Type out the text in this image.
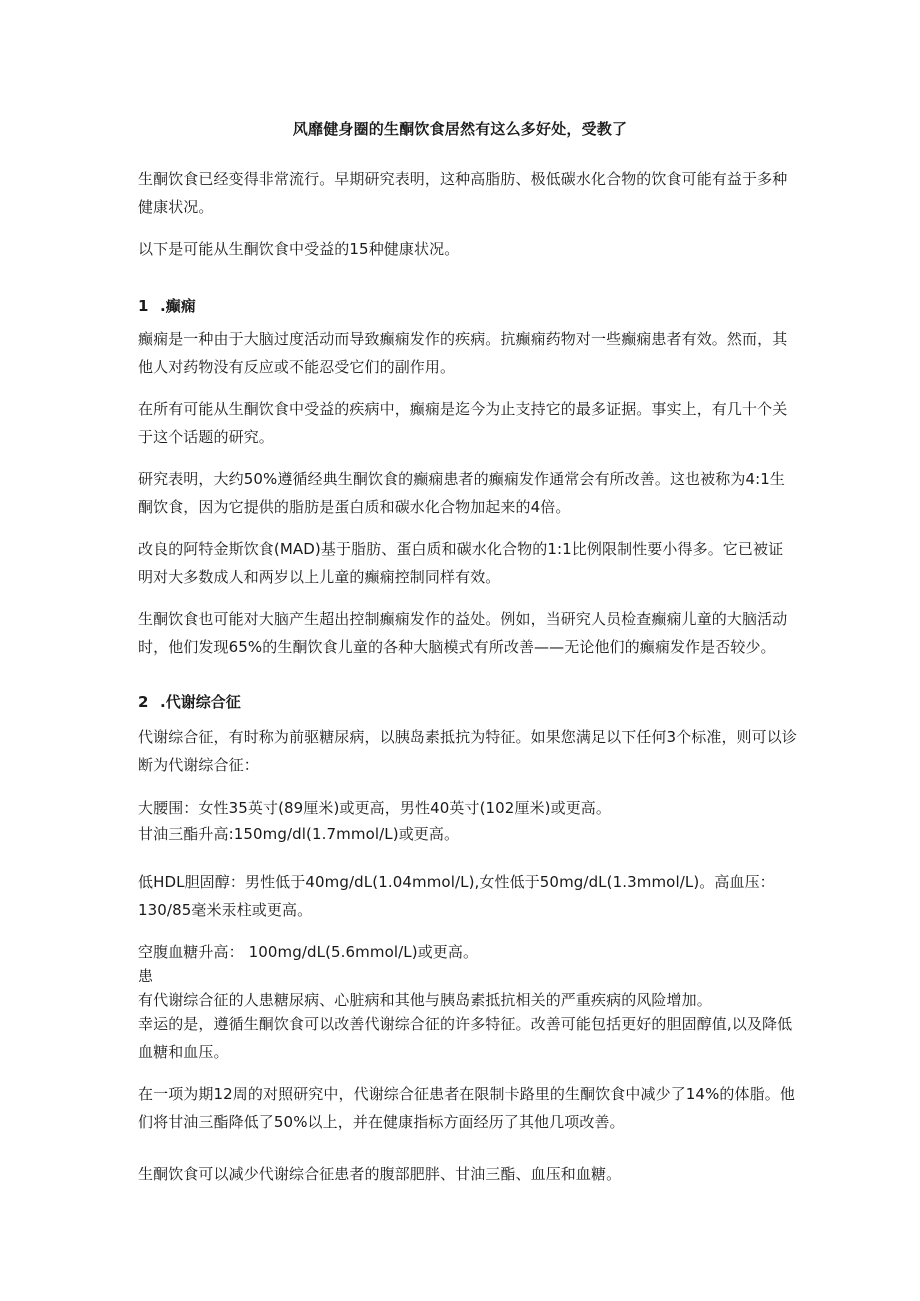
风靡健身圈的生酮饮食居然有这么多好处，受教了
生酮饮食已经变得非常流行。早期研究表明，这种高脂肪、极低碳水化合物的饮食可能有益于多种健康状况。
以下是可能从生酮饮食中受益的15种健康状况。
1 .癫痫
癫痫是一种由于大脑过度活动而导致癫痫发作的疾病。抗癫痫药物对一些癫痫患者有效。然而，其他人对药物没有反应或不能忍受它们的副作用。
在所有可能从生酮饮食中受益的疾病中，癫痫是迄今为止支持它的最多证据。事实上，有几十个关于这个话题的研究。
研究表明，大约50%遵循经典生酮饮食的癫痫患者的癫痫发作通常会有所改善。这也被称为4:1生酮饮食，因为它提供的脂肪是蛋白质和碳水化合物加起来的4倍。
改良的阿特金斯饮食(MAD)基于脂肪、蛋白质和碳水化合物的1:1比例限制性要小得多。它已被证明对大多数成人和两岁以上儿童的癫痫控制同样有效。
生酮饮食也可能对大脑产生超出控制癫痫发作的益处。例如，当研究人员检查癫痫儿童的大脑活动时，他们发现65%的生酮饮食儿童的各种大脑模式有所改善——无论他们的癫痫发作是否较少。
2 .代谢综合征
代谢综合征，有时称为前驱糖尿病，以胰岛素抵抗为特征。如果您满足以下任何3个标准，则可以诊断为代谢综合征：
大腰围：女性35英寸(89厘米)或更高，男性40英寸(102厘米)或更高。
甘油三酯升高:150mg/dl(1.7mmol/L)或更高。
低HDL胆固醇：男性低于40mg/dL(1.04mmol/L),女性低于50mg/dL(1.3mmol/L)。高血压：130/85毫米汞柱或更高。
空腹血糖升高： 100mg/dL(5.6mmol/L)或更高。
患
有代谢综合征的人患糖尿病、心脏病和其他与胰岛素抵抗相关的严重疾病的风险增加。
幸运的是，遵循生酮饮食可以改善代谢综合征的许多特征。改善可能包括更好的胆固醇值,以及降低血糖和血压。
在一项为期12周的对照研究中，代谢综合征患者在限制卡路里的生酮饮食中减少了14%的体脂。他们将甘油三酯降低了50%以上，并在健康指标方面经历了其他几项改善。
生酮饮食可以减少代谢综合征患者的腹部肥胖、甘油三酯、血压和血糖。
